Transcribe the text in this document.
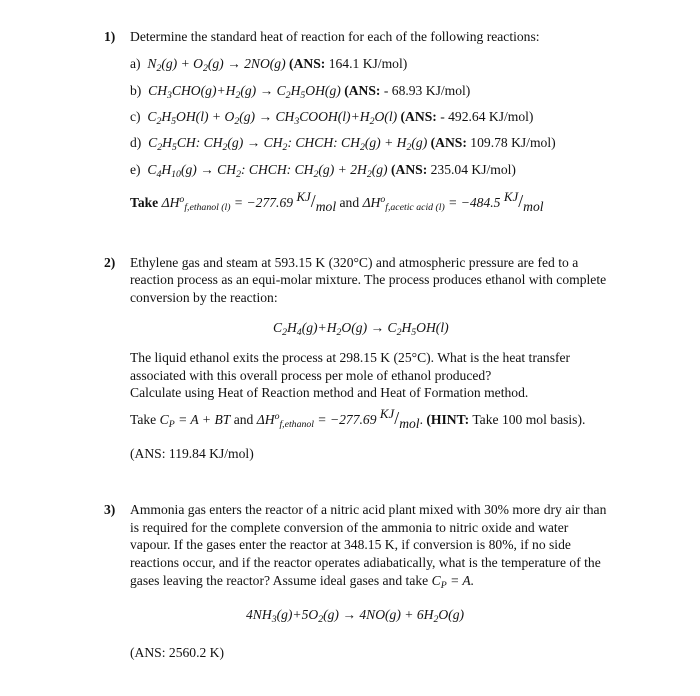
1) Determine the standard heat of reaction for each of the following reactions:
a)  $N_2(g) + O_2(g) \to 2NO(g)$ (ANS: 164.1 KJ/mol)
b)  $CH_3CHO(g)+H_2(g) \to C_2H_5OH(g)$ (ANS: - 68.93 KJ/mol)
c)  $C_2H_5OH(l) + O_2(g)$ → $CH_3COOH(l)+H_2O(l)$ (ANS: - 492.64 KJ/mol)
d)  $C_2H_5CH$: $CH_2(g) \to CH_2$: CHCH: $CH_2(g) + H_2(g)$ (ANS: 109.78 KJ/mol)
e)  $C_4H_{10}(g) \to CH_2$: CHCH: $CH_2(g) + 2H_2(g)$ (ANS: 235.04 KJ/mol)
Take $\Delta H^o_{f,ethanol (l)} = -277.69$ KJ/mol and $\Delta H^o_{f,acetic acid (l)} = -484.5$ KJ/mol
2) Ethylene gas and steam at 593.15 K (320°C) and atmospheric pressure are fed to a
reaction process as an equi-molar mixture. The process produces ethanol with complete
conversion by the reaction:
$C_2H_4(g)+H_2O(g) \to C_2H_5OH(l)$
The liquid ethanol exits the process at 298.15 K (25°C). What is the heat transfer
associated with this overall process per mole of ethanol produced?
Calculate using Heat of Reaction method and Heat of Formation method.
Take $C_P = A$ + BT and $\Delta H^o_{f,ethanol} = -277.69$ KJ/mol. (HINT: Take 100 mol basis).
(ANS: 119.84 KJ/mol)
3) Ammonia gas enters the reactor of a nitric acid plant mixed with 30% more dry air than
is required for the complete conversion of the ammonia to nitric oxide and water
vapour. If the gases enter the reactor at 348.15 K, if conversion is 80%, if no side
reactions occur, and if the reactor operates adiabatically, what is the temperature of the
gases leaving the reactor? Assume ideal gases and take $C_P = A$.
$4NH_3(g)+5O_2(g) \to 4NO(g) + 6H_2O(g)$
(ANS: 2560.2 K)
